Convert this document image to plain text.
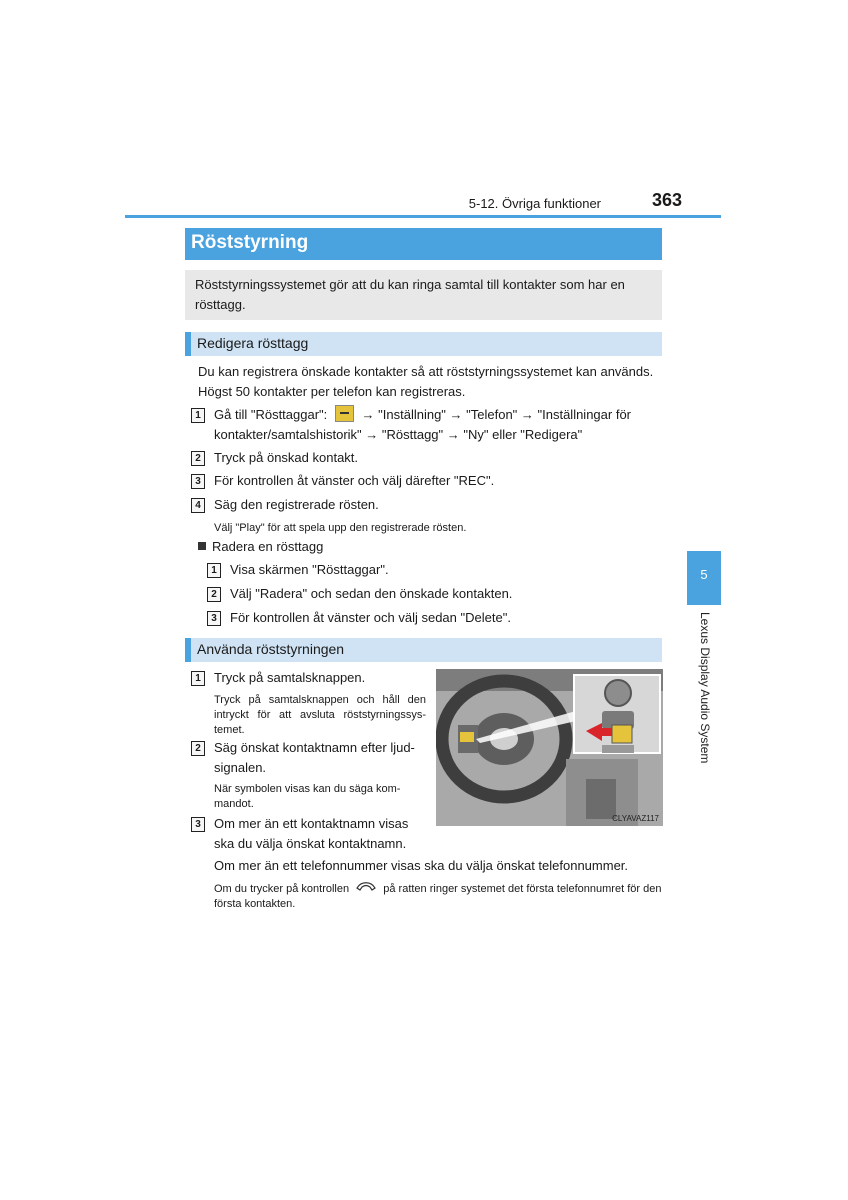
5-12. Övriga funktioner	363
5
Lexus Display Audio System
Röststyrning
Röststyrningssystemet gör att du kan ringa samtal till kontakter som har en rösttagg.
Redigera rösttagg
Du kan registrera önskade kontakter så att röststyrningssystemet kan används. Högst 50 kontakter per telefon kan registreras.
1	Gå till "Rösttaggar":	→ "Inställning" → "Telefon" → "Inställningar för kontakter/samtalshistorik" → "Rösttagg" → "Ny" eller "Redigera"
2	Tryck på önskad kontakt.
3	För kontrollen åt vänster och välj därefter "REC".
4	Säg den registrerade rösten.
Välj "Play" för att spela upp den registrerade rösten.
Radera en rösttagg
1	Visa skärmen "Rösttaggar".
2	Välj "Radera" och sedan den önskade kontakten.
3	För kontrollen åt vänster och välj sedan "Delete".
Använda röststyrningen
1	Tryck på samtalsknappen.
Tryck på samtalsknappen och håll den intryckt för att avsluta röststyrningssys-temet.
2	Säg önskat kontaktnamn efter ljud-signalen.
När symbolen visas kan du säga kom-mandot.
3	Om mer än ett kontaktnamn visas ska du välja önskat kontaktnamn.
CLYAVAZ117
Om mer än ett telefonnummer visas ska du välja önskat telefonnummer.
Om du trycker på kontrollen	på ratten ringer systemet det första telefonnumret för den första kontakten.
